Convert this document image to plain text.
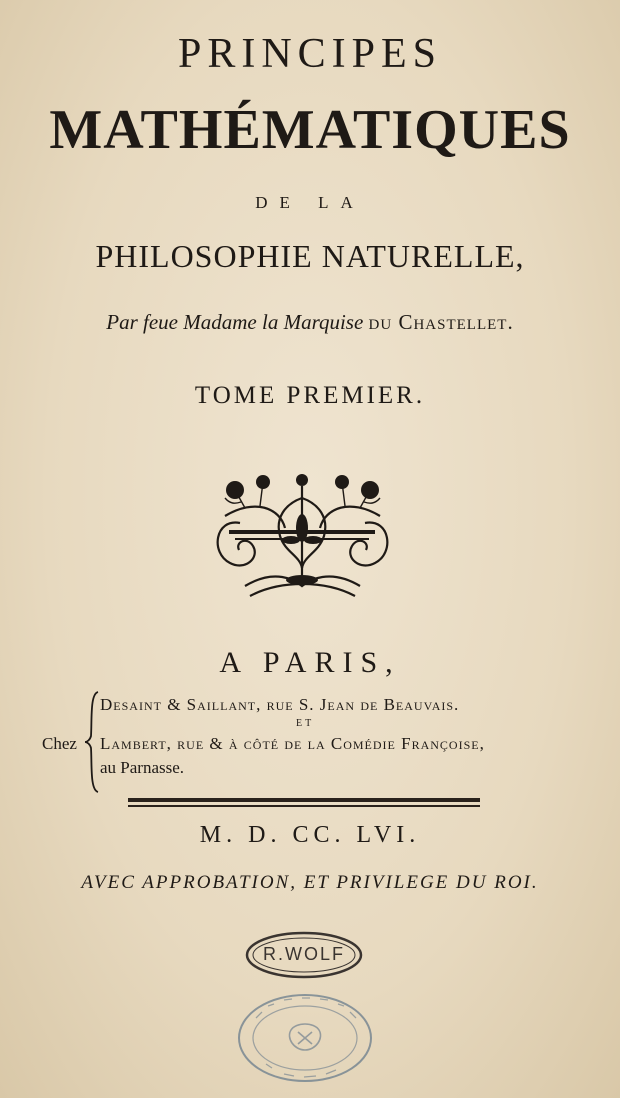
PRINCIPES
MATHÉMATIQUES
DE LA
PHILOSOPHIE NATURELLE,
Par feue Madame la Marquise du Chastellet.
TOME PREMIER.
A PARIS,
Chez
Desaint & Saillant, rue S. Jean de Beauvais.
ET
Lambert, rue & à côté de la Comédie Françoise,
au Parnasse.
M. D. CC. LVI.
AVEC APPROBATION, ET PRIVILEGE DU ROI.
R.WOLF
